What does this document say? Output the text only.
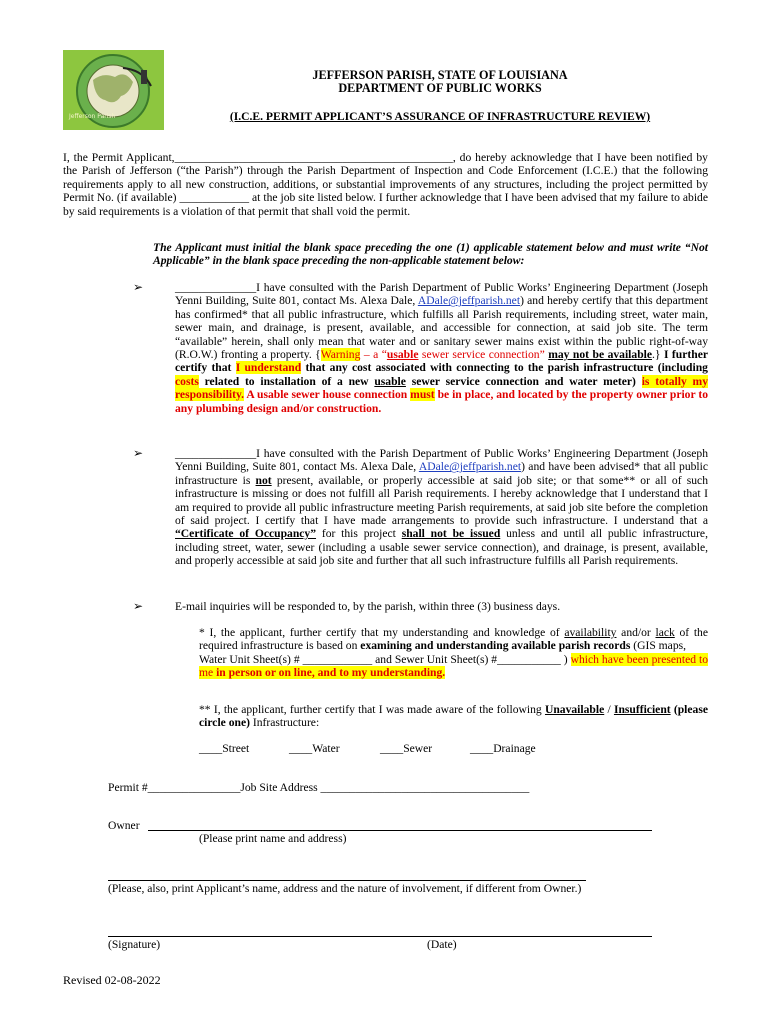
Jefferson Parish
JEFFERSON PARISH, STATE OF LOUISIANA
DEPARTMENT OF PUBLIC WORKS
(I.C.E. PERMIT APPLICANT’S ASSURANCE OF INFRASTRUCTURE REVIEW)
I, the Permit Applicant,________________________________________________, do hereby acknowledge that I have been notified by the Parish of Jefferson (“the Parish”) through the Parish Department of Inspection and Code Enforcement (I.C.E.) that the following requirements apply to all new construction, additions, or substantial improvements of any structures, including the project permitted by Permit No. (if available) ____________ at the job site listed below. I further acknowledge that I have been advised that my failure to abide by said requirements is a violation of that permit that shall void the permit.
The Applicant must initial the blank space preceding the one (1) applicable statement below and must write “Not Applicable” in the blank space preceding the non-applicable statement below:
➢	______________I have consulted with the Parish Department of Public Works’ Engineering Department (Joseph Yenni Building, Suite 801, contact Ms. Alexa Dale, ADale@jeffparish.net) and hereby certify that this department has confirmed* that all public infrastructure, which fulfills all Parish requirements, including street, water main, sewer main, and drainage, is present, available, and accessible for connection, at said job site. The term “available” herein, shall only mean that water and or sanitary sewer mains exist within the public right-of-way (R.O.W.) fronting a property. {Warning – a “usable sewer service connection” may not be available.} I further certify that I understand that any cost associated with connecting to the parish infrastructure (including costs related to installation of a new usable sewer service connection and water meter) is totally my responsibility. A usable sewer house connection must be in place, and located by the property owner prior to any plumbing design and/or construction.
➢	______________I have consulted with the Parish Department of Public Works’ Engineering Department (Joseph Yenni Building, Suite 801, contact Ms. Alexa Dale, ADale@jeffparish.net) and have been advised* that all public infrastructure is not present, available, or properly accessible at said job site; or that some** or all of such infrastructure is missing or does not fulfill all Parish requirements. I hereby acknowledge that I understand that I am required to provide all public infrastructure meeting Parish requirements, at said job site before the completion of said project. I certify that I have made arrangements to provide such infrastructure. I understand that a “Certificate of Occupancy” for this project shall not be issued unless and until all public infrastructure, including street, water, sewer (including a usable sewer service connection), and drainage, is present, available, and properly accessible at said job site and further that all such infrastructure fulfills all Parish requirements.
➢	E-mail inquiries will be responded to, by the parish, within three (3) business days.
* I, the applicant, further certify that my understanding and knowledge of availability and/or lack of the required infrastructure is based on examining and understanding available parish records (GIS maps,
Water Unit Sheet(s) # ____________ and Sewer Unit Sheet(s) #___________ ) which have been presented to me in person or on line, and to my understanding.
** I, the applicant, further certify that I was made aware of the following Unavailable / Insufficient (please circle one) Infrastructure:
____Street	____Water	____Sewer	____Drainage
Permit #________________Job Site Address ____________________________________
Owner
(Please print name and address)
(Please, also, print Applicant’s name, address and the nature of involvement, if different from Owner.)
(Signature)	(Date)
Revised 02-08-2022
